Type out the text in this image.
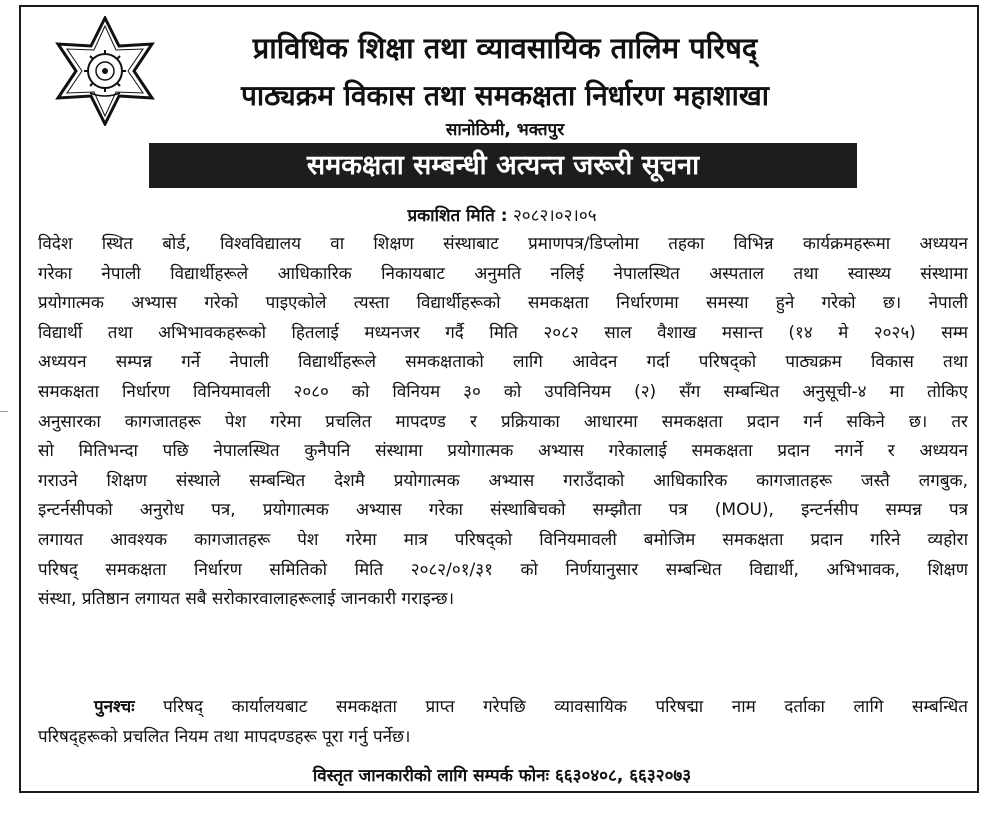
प्राविधिक शिक्षा तथा व्यावसायिक तालिम परिषद्
पाठ्यक्रम विकास तथा समकक्षता निर्धारण महाशाखा
सानोठिमी, भक्तपुर
समकक्षता सम्बन्धी अत्यन्त जरूरी सूचना
प्रकाशित मिति : २०८२।०२।०५
विदेश स्थित बोर्ड, विश्वविद्यालय वा शिक्षण संस्थाबाट प्रमाणपत्र/डिप्लोमा तहका विभिन्न कार्यक्रमहरूमा अध्ययन
गरेका नेपाली विद्यार्थीहरूले आधिकारिक निकायबाट अनुमति नलिई नेपालस्थित अस्पताल तथा स्वास्थ्य संस्थामा
प्रयोगात्मक अभ्यास गरेको पाइएकोले त्यस्ता विद्यार्थीहरूको समकक्षता निर्धारणमा समस्या हुने गरेको छ। नेपाली
विद्यार्थी तथा अभिभावकहरूको हितलाई मध्यनजर गर्दै मिति २०८२ साल वैशाख मसान्त (१४ मे २०२५) सम्म
अध्ययन सम्पन्न गर्ने नेपाली विद्यार्थीहरूले समकक्षताको लागि आवेदन गर्दा परिषद्को पाठ्यक्रम विकास तथा
समकक्षता निर्धारण विनियमावली २०८० को विनियम ३० को उपविनियम (२) सँग सम्बन्धित अनुसूची-४ मा तोकिए
अनुसारका कागजातहरू पेश गरेमा प्रचलित मापदण्ड र प्रक्रियाका आधारमा समकक्षता प्रदान गर्न सकिने छ। तर
सो मितिभन्दा पछि नेपालस्थित कुनैपनि संस्थामा प्रयोगात्मक अभ्यास गरेकालाई समकक्षता प्रदान नगर्ने र अध्ययन
गराउने शिक्षण संस्थाले सम्बन्धित देशमै प्रयोगात्मक अभ्यास गराउँदाको आधिकारिक कागजातहरू जस्तै लगबुक,
इन्टर्नसीपको अनुरोध पत्र, प्रयोगात्मक अभ्यास गरेका संस्थाबिचको सम्झौता पत्र (MOU), इन्टर्नसीप सम्पन्न पत्र
लगायत आवश्यक कागजातहरू पेश गरेमा मात्र परिषद्को विनियमावली बमोजिम समकक्षता प्रदान गरिने व्यहोरा
परिषद् समकक्षता निर्धारण समितिको मिति २०८२/०१/३१ को निर्णयानुसार सम्बन्धित विद्यार्थी, अभिभावक, शिक्षण
संस्था, प्रतिष्ठान लगायत सबै सरोकारवालाहरूलाई जानकारी गराइन्छ।
पुनश्चः परिषद् कार्यालयबाट समकक्षता प्राप्त गरेपछि व्यावसायिक परिषद्मा नाम दर्ताका लागि सम्बन्धित
परिषद्हरूको प्रचलित नियम तथा मापदण्डहरू पूरा गर्नु पर्नेछ।
विस्तृत जानकारीको लागि सम्पर्क फोनः ६६३०४०८, ६६३२०७३
